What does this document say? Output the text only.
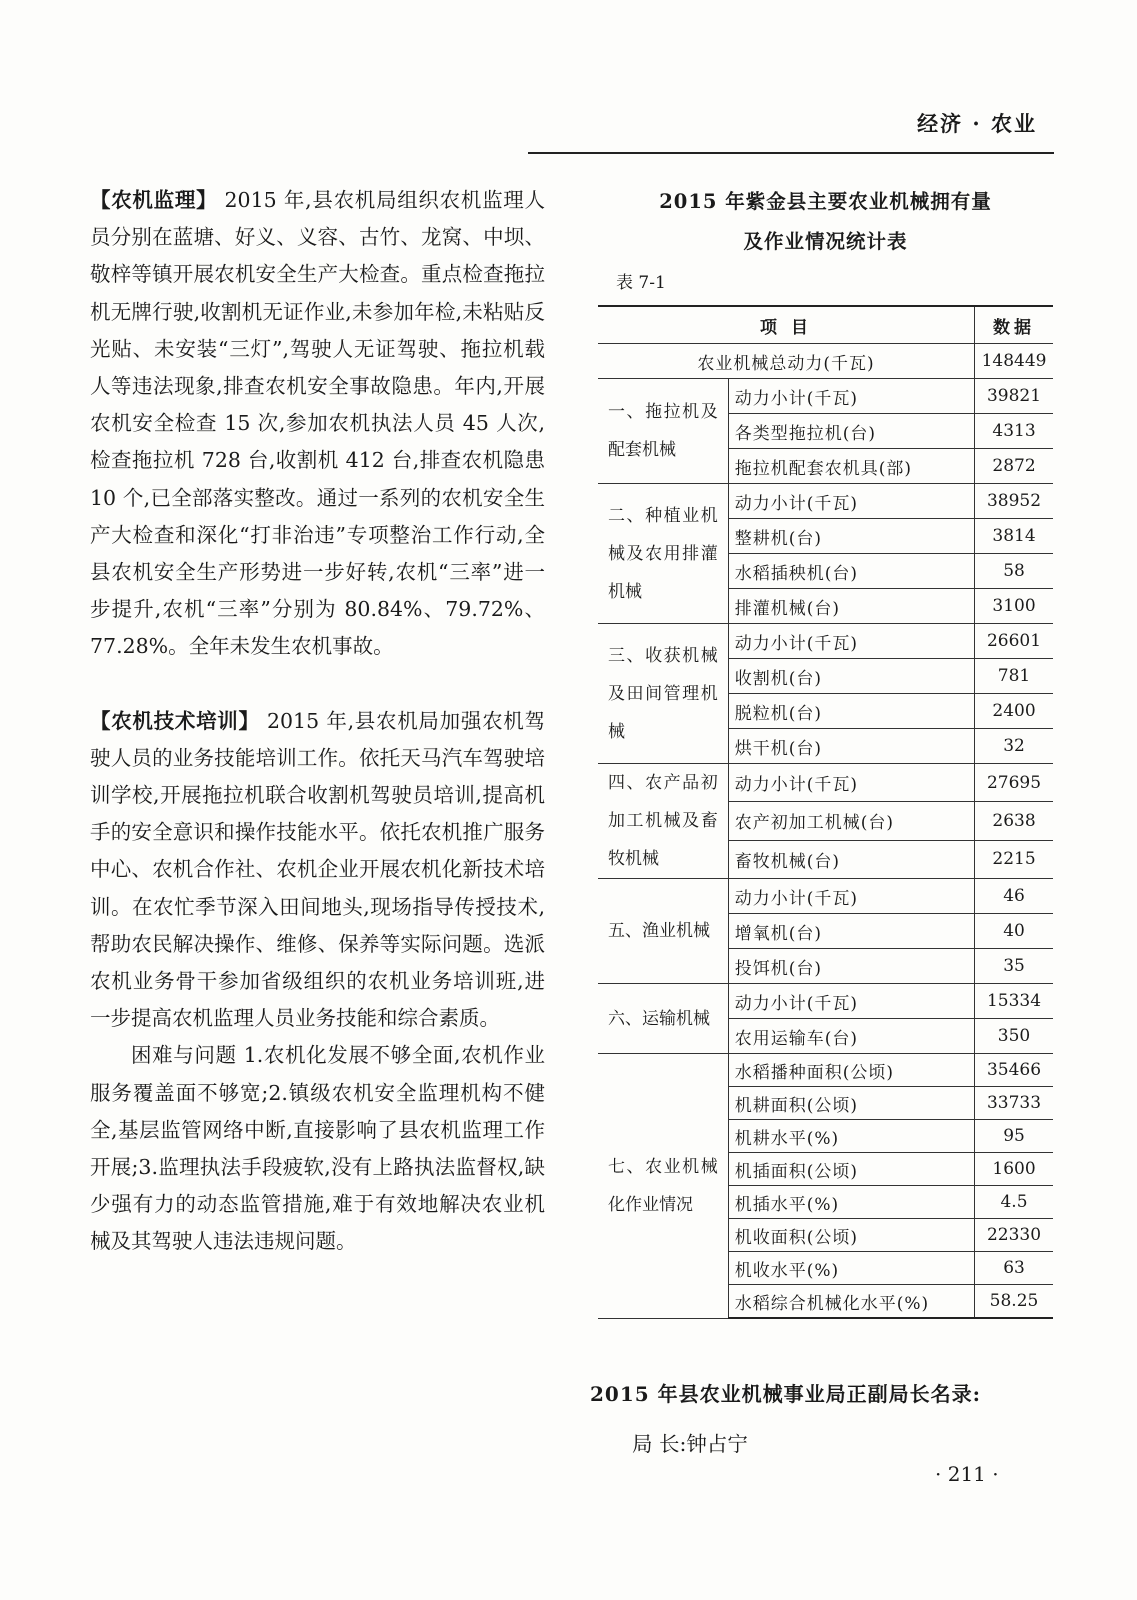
经济 · 农业

【农机监理】 2015 年,县农机局组织农机监理人员分别在蓝塘、好义、义容、古竹、龙窝、中坝、敬梓等镇开展农机安全生产大检查。重点检查拖拉机无牌行驶,收割机无证作业,未参加年检,未粘贴反光贴、未安装“三灯”,驾驶人无证驾驶、拖拉机载人等违法现象,排查农机安全事故隐患。年内,开展农机安全检查 15 次,参加农机执法人员 45 人次,检查拖拉机 728 台,收割机 412 台,排查农机隐患 10 个,已全部落实整改。通过一系列的农机安全生产大检查和深化“打非治违”专项整治工作行动,全县农机安全生产形势进一步好转,农机“三率”进一步提升,农机“三率”分别为 80.84%、79.72%、77.28%。全年未发生农机事故。

【农机技术培训】 2015 年,县农机局加强农机驾驶人员的业务技能培训工作。依托天马汽车驾驶培训学校,开展拖拉机联合收割机驾驶员培训,提高机手的安全意识和操作技能水平。依托农机推广服务中心、农机合作社、农机企业开展农机化新技术培训。在农忙季节深入田间地头,现场指导传授技术,帮助农民解决操作、维修、保养等实际问题。选派农机业务骨干参加省级组织的农机业务培训班,进一步提高农机监理人员业务技能和综合素质。

困难与问题 1.农机化发展不够全面,农机作业服务覆盖面不够宽;2.镇级农机安全监理机构不健全,基层监管网络中断,直接影响了县农机监理工作开展;3.监理执法手段疲软,没有上路执法监督权,缺少强有力的动态监管措施,难于有效地解决农业机械及其驾驶人违法违规问题。

2015 年紫金县主要农业机械拥有量
及作业情况统计表
表 7-1
项 目		数据
农业机械总动力(千瓦)		148449
一、拖拉机及配套机械	动力小计(千瓦)	39821
	各类型拖拉机(台)	4313
	拖拉机配套农机具(部)	2872
二、种植业机械及农用排灌机械	动力小计(千瓦)	38952
	整耕机(台)	3814
	水稻插秧机(台)	58
	排灌机械(台)	3100
三、收获机械及田间管理机械	动力小计(千瓦)	26601
	收割机(台)	781
	脱粒机(台)	2400
	烘干机(台)	32
四、农产品初加工机械及畜牧机械	动力小计(千瓦)	27695
	农产初加工机械(台)	2638
	畜牧机械(台)	2215
五、渔业机械	动力小计(千瓦)	46
	增氧机(台)	40
	投饵机(台)	35
六、运输机械	动力小计(千瓦)	15334
	农用运输车(台)	350
七、农业机械化作业情况	水稻播种面积(公顷)	35466
	机耕面积(公顷)	33733
	机耕水平(%)	95
	机插面积(公顷)	1600
	机插水平(%)	4.5
	机收面积(公顷)	22330
	机收水平(%)	63
	水稻综合机械化水平(%)	58.25
2015 年县农业机械事业局正副局长名录:
局 长:钟占宁
· 211 ·
